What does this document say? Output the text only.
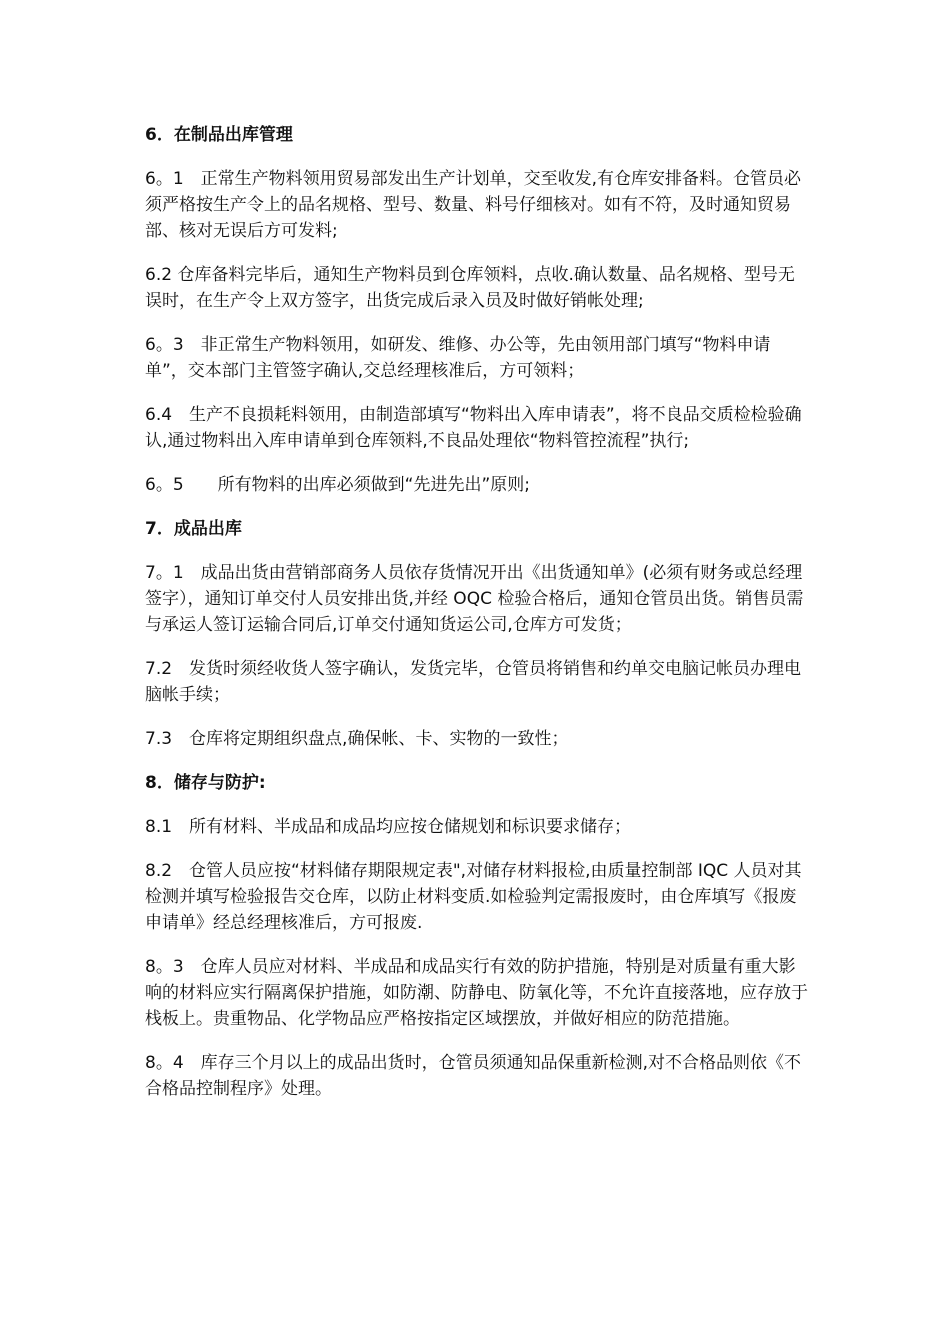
6．在制品出库管理
6。1　正常生产物料领用贸易部发出生产计划单，交至收发,有仓库安排备料。仓管员必须严格按生产令上的品名规格、型号、数量、料号仔细核对。如有不符，及时通知贸易部、核对无误后方可发料;
6.2 仓库备料完毕后，通知生产物料员到仓库领料，点收.确认数量、品名规格、型号无误时，在生产令上双方签字，出货完成后录入员及时做好销帐处理;
6。3　非正常生产物料领用，如研发、维修、办公等，先由领用部门填写“物料申请单”，交本部门主管签字确认,交总经理核准后，方可领料；
6.4　生产不良损耗料领用，由制造部填写“物料出入库申请表”，将不良品交质检检验确认,通过物料出入库申请单到仓库领料,不良品处理依“物料管控流程”执行;
6。5　　所有物料的出库必须做到“先进先出”原则;
7．成品出库
7。1　成品出货由营销部商务人员依存货情况开出《出货通知单》(必须有财务或总经理签字），通知订单交付人员安排出货,并经 OQC 检验合格后，通知仓管员出货。销售员需与承运人签订运输合同后,订单交付通知货运公司,仓库方可发货；
7.2　发货时须经收货人签字确认，发货完毕，仓管员将销售和约单交电脑记帐员办理电脑帐手续；
7.3　仓库将定期组织盘点,确保帐、卡、实物的一致性；
8．储存与防护:
8.1　所有材料、半成品和成品均应按仓储规划和标识要求储存；
8.2　仓管人员应按“材料储存期限规定表",对储存材料报检,由质量控制部 IQC 人员对其检测并填写检验报告交仓库，以防止材料变质.如检验判定需报废时，由仓库填写《报废申请单》经总经理核准后，方可报废.
8。3　仓库人员应对材料、半成品和成品实行有效的防护措施，特别是对质量有重大影响的材料应实行隔离保护措施，如防潮、防静电、防氧化等，不允许直接落地，应存放于栈板上。贵重物品、化学物品应严格按指定区域摆放，并做好相应的防范措施。
8。4　库存三个月以上的成品出货时，仓管员须通知品保重新检测,对不合格品则依《不合格品控制程序》处理。
